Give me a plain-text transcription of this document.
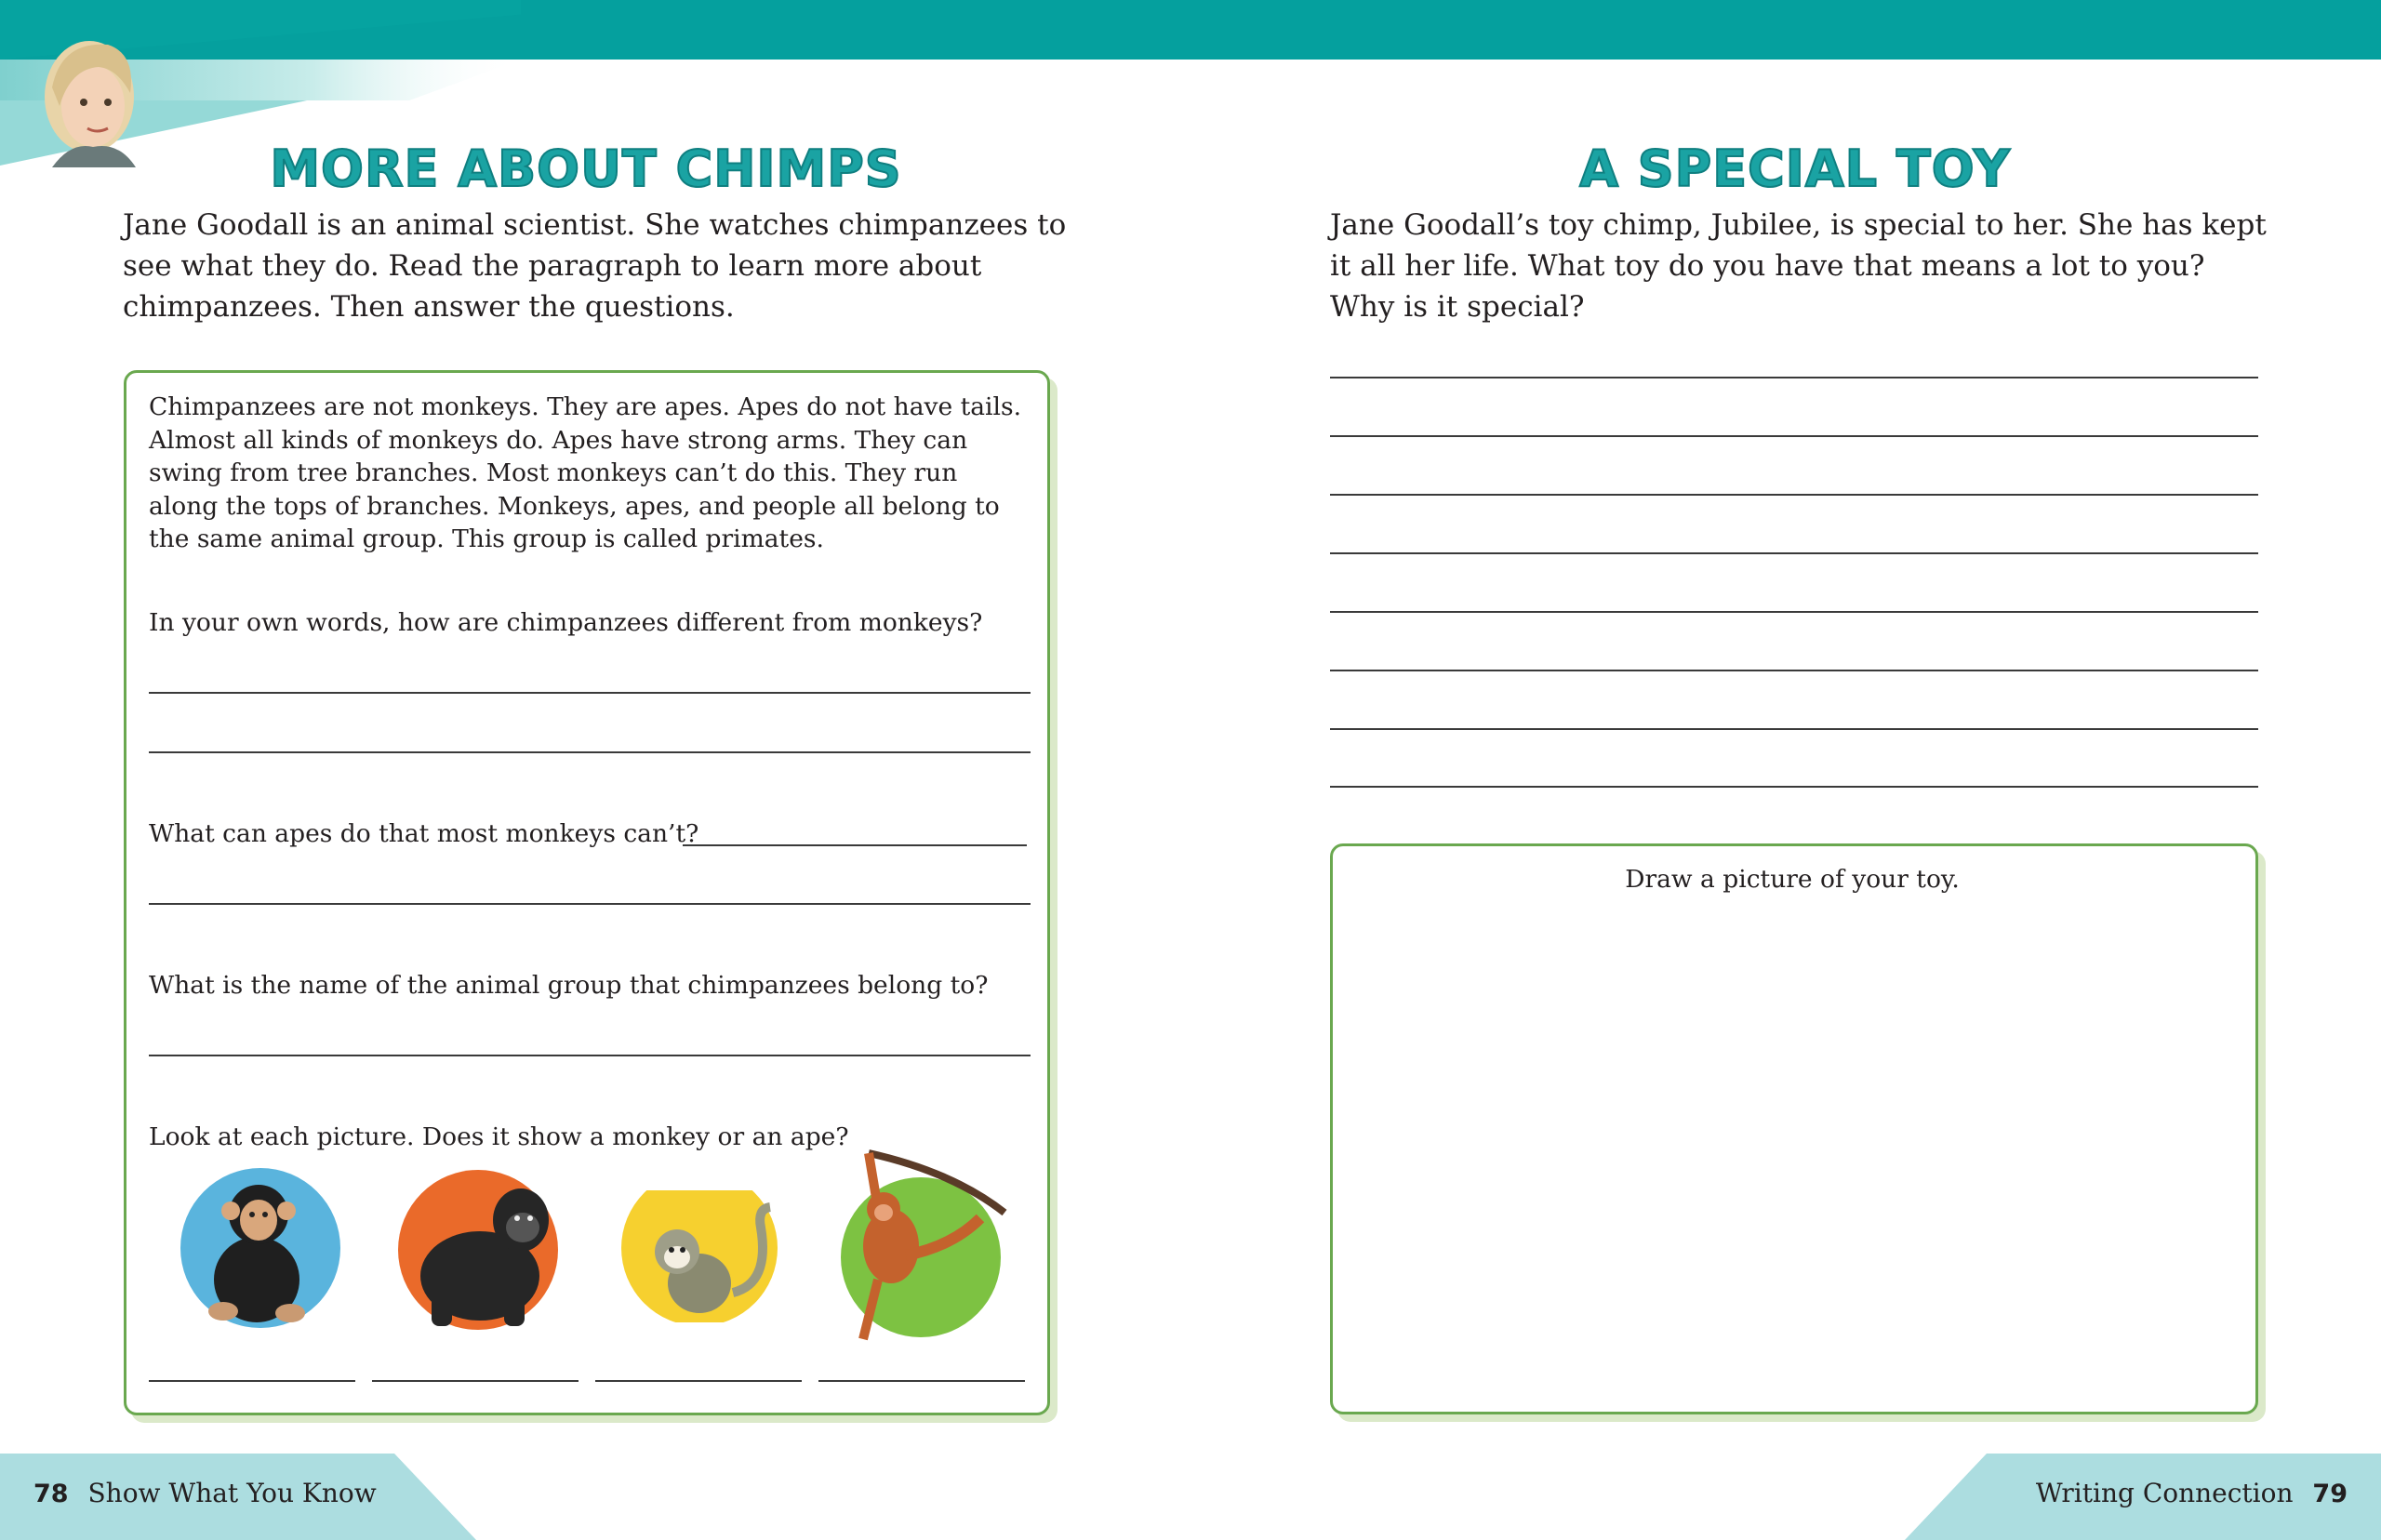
MORE ABOUT CHIMPS
Jane Goodall is an animal scientist. She watches chimpanzees to see what they do. Read the paragraph to learn more about chimpanzees. Then answer the questions.
Chimpanzees are not monkeys. They are apes. Apes do not have tails. Almost all kinds of monkeys do. Apes have strong arms. They can swing from tree branches. Most monkeys can’t do this. They run along the tops of branches. Monkeys, apes, and people all belong to the same animal group. This group is called primates.
In your own words, how are chimpanzees different from monkeys?
What can apes do that most monkeys can’t?
What is the name of the animal group that chimpanzees belong to?
Look at each picture. Does it show a monkey or an ape?
A SPECIAL TOY
Jane Goodall’s toy chimp, Jubilee, is special to her. She has kept it all her life. What toy do you have that means a lot to you? Why is it special?
Draw a picture of your toy.
78 Show What You Know	Writing Connection 79
